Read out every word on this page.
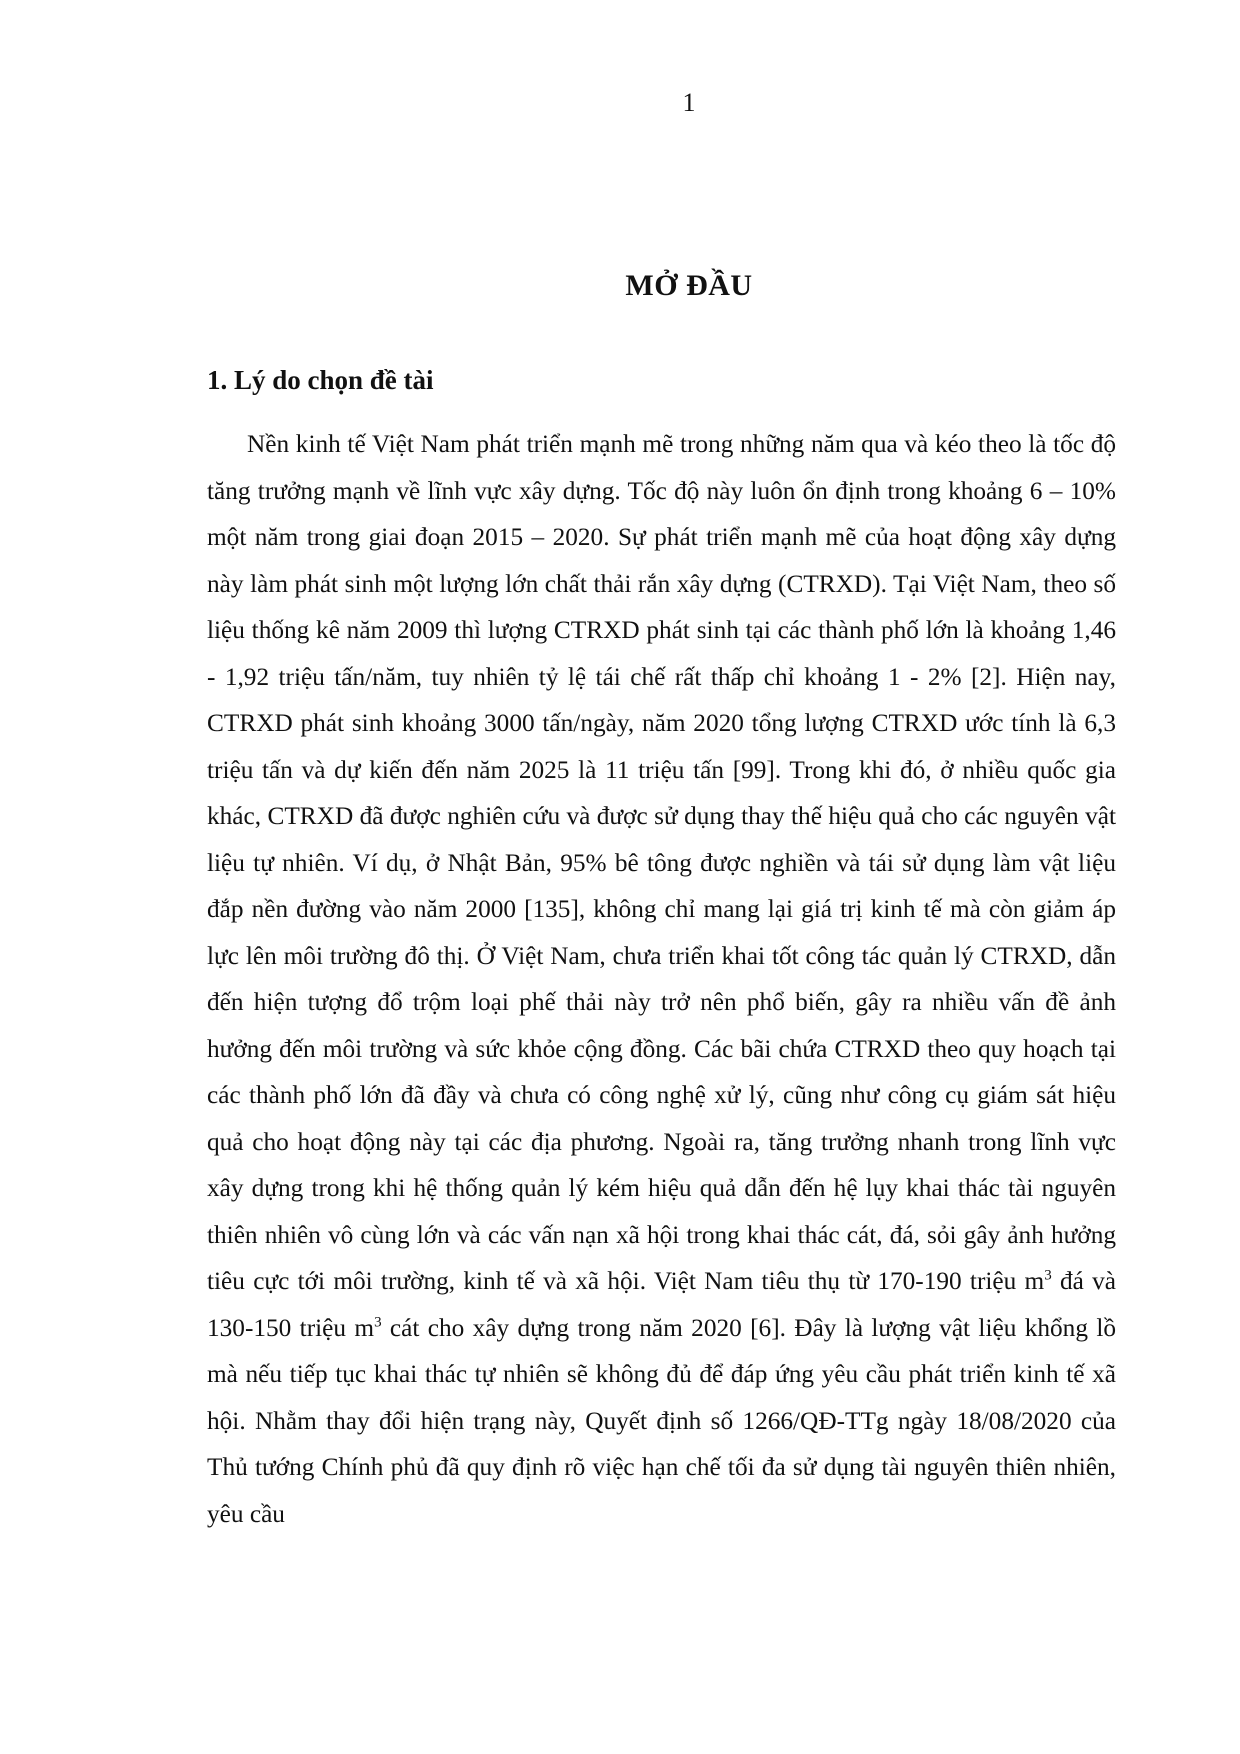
1
MỞ ĐẦU
1. Lý do chọn đề tài

Nền kinh tế Việt Nam phát triển mạnh mẽ trong những năm qua và kéo theo là tốc độ tăng trưởng mạnh về lĩnh vực xây dựng. Tốc độ này luôn ổn định trong khoảng 6 – 10% một năm trong giai đoạn 2015 – 2020. Sự phát triển mạnh mẽ của hoạt động xây dựng này làm phát sinh một lượng lớn chất thải rắn xây dựng (CTRXD). Tại Việt Nam, theo số liệu thống kê năm 2009 thì lượng CTRXD phát sinh tại các thành phố lớn là khoảng 1,46 - 1,92 triệu tấn/năm, tuy nhiên tỷ lệ tái chế rất thấp chỉ khoảng 1 - 2% [2]. Hiện nay, CTRXD phát sinh khoảng 3000 tấn/ngày, năm 2020 tổng lượng CTRXD ước tính là 6,3 triệu tấn và dự kiến đến năm 2025 là 11 triệu tấn [99]. Trong khi đó, ở nhiều quốc gia khác, CTRXD đã được nghiên cứu và được sử dụng thay thế hiệu quả cho các nguyên vật liệu tự nhiên. Ví dụ, ở Nhật Bản, 95% bê tông được nghiền và tái sử dụng làm vật liệu đắp nền đường vào năm 2000 [135], không chỉ mang lại giá trị kinh tế mà còn giảm áp lực lên môi trường đô thị. Ở Việt Nam, chưa triển khai tốt công tác quản lý CTRXD, dẫn đến hiện tượng đổ trộm loại phế thải này trở nên phổ biến, gây ra nhiều vấn đề ảnh hưởng đến môi trường và sức khỏe cộng đồng. Các bãi chứa CTRXD theo quy hoạch tại các thành phố lớn đã đầy và chưa có công nghệ xử lý, cũng như công cụ giám sát hiệu quả cho hoạt động này tại các địa phương. Ngoài ra, tăng trưởng nhanh trong lĩnh vực xây dựng trong khi hệ thống quản lý kém hiệu quả dẫn đến hệ lụy khai thác tài nguyên thiên nhiên vô cùng lớn và các vấn nạn xã hội trong khai thác cát, đá, sỏi gây ảnh hưởng tiêu cực tới môi trường, kinh tế và xã hội. Việt Nam tiêu thụ từ 170-190 triệu $m^3$ đá và 130-150 triệu $m^3$ cát cho xây dựng trong năm 2020 [6]. Đây là lượng vật liệu khổng lồ mà nếu tiếp tục khai thác tự nhiên sẽ không đủ để đáp ứng yêu cầu phát triển kinh tế xã hội. Nhằm thay đổi hiện trạng này, Quyết định số 1266/QĐ-TTg ngày 18/08/2020 của Thủ tướng Chính phủ đã quy định rõ việc hạn chế tối đa sử dụng tài nguyên thiên nhiên, yêu cầu
